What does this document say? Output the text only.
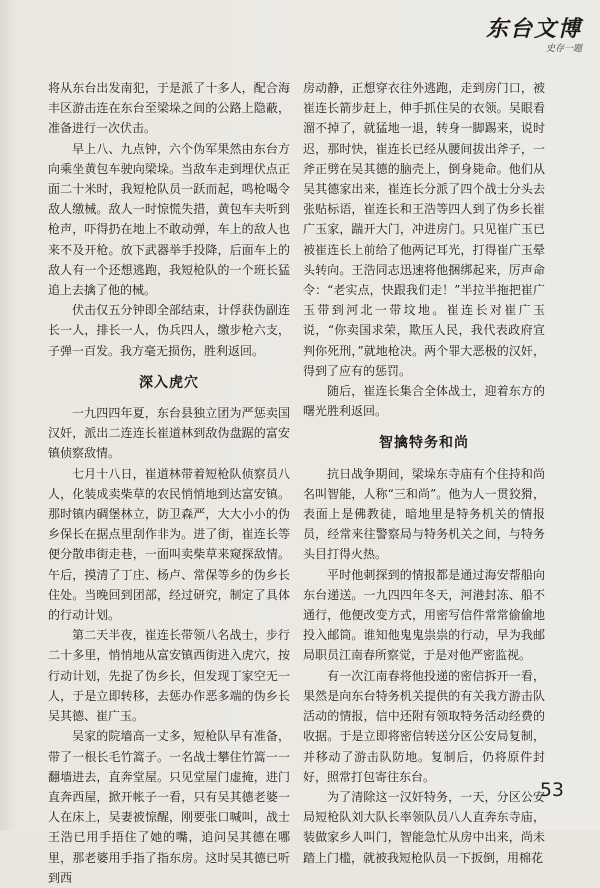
东台文博
史存一题

将从东台出发南犯，于是派了十多人，配合海丰区游击连在东台至梁垛之间的公路上隐蔽，准备进行一次伏击。

早上八、九点钟，六个伪军果然由东台方向乘坐黄包车驶向梁垛。当敌车走到埋伏点正面二十米时，我短枪队员一跃而起，鸣枪喝令敌人缴械。敌人一时惊慌失措，黄包车夫听到枪声，吓得扔在地上不敢动弹，车上的敌人也来不及开枪。放下武器举手投降，后面车上的敌人有一个还想逃跑，我短枪队的一个班长猛追上去擒了他的械。

伏击仅五分钟即全部结束，计俘获伪副连长一人，排长一人，伪兵四人，缴步枪六支，子弹一百发。我方毫无损伤，胜利返回。

深入虎穴

一九四四年夏，东台县独立团为严惩卖国汉奸，派出二连连长崔道林到敌伪盘踞的富安镇侦察敌情。

七月十八日，崔道林带着短枪队侦察员八人，化装成卖柴草的农民悄悄地到达富安镇。那时镇内碉堡林立，防卫森严，大大小小的伪乡保长在据点里刮作非为。进了街，崔连长等便分散串街走巷，一面叫卖柴草来窥探敌情。午后，摸清了丁庄、杨卢、常保等乡的伪乡长住处。当晚回到团部，经过研究，制定了具体的行动计划。

第二天半夜，崔连长带领八名战士，步行二十多里，悄悄地从富安镇西街进入虎穴，按行动计划，先捉了伪乡长，但发现丁家空无一人，于是立即转移，去惩办作恶多端的伪乡长吴其德、崔广玉。

吴家的院墙高一丈多，短枪队早有准备，带了一根长毛竹篙子。一名战士攀住竹篙一一翻墙进去，直奔堂屋。只见堂屋门虚掩，进门直奔西屋，掀开帐子一看，只有吴其德老婆一人在床上，吴妻被惊醒，刚要张口喊叫，战士王浩已用手捂住了她的嘴，追问吴其德在哪里，那老婆用手指了指东房。这时吴其德已听到西

房动静，正想穿衣往外逃跑，走到房门口，被崔连长箭步赶上，伸手抓住吴的衣领。吴眼看溜不掉了，就猛地一退，转身一脚踢来，说时迟，那时快，崔连长已经从腰间拔出斧子，一斧正劈在吴其德的脑壳上，倒身毙命。他们从吴其德家出来，崔连长分派了四个战士分头去张贴标语，崔连长和王浩等四人到了伪乡长崔广玉家，踹开大门，冲进房门。只见崔广玉已被崔连长上前给了他两记耳光，打得崔广玉晕头转向。王浩同志迅速将他捆绑起来，厉声命令：“老实点，快跟我们走！”半拉半拖把崔广玉带到河北一带坟地。崔连长对崔广玉说，“你卖国求荣，欺压人民，我代表政府宣判你死刑，”就地枪决。两个罪大恶极的汉奸，得到了应有的惩罚。

随后，崔连长集合全体战士，迎着东方的曙光胜利返回。

智擒特务和尚

抗日战争期间，梁垛东寺庙有个住持和尚名叫智能，人称“三和尚”。他为人一贯狡猾，表面上是佛教徒，暗地里是特务机关的情报员，经常来往警察局与特务机关之间，与特务头目打得火热。

平时他刺探到的情报都是通过海安帮船向东台递送。一九四四年冬天，河港封冻、船不通行，他便改变方式，用密写信件常常偷偷地投入邮筒。谁知他鬼鬼祟祟的行动，早为我邮局职员江南春所察觉，于是对他严密监视。

有一次江南春将他投递的密信拆开一看，果然是向东台特务机关提供的有关我方游击队活动的情报，信中还附有领取特务活动经费的收据。于是立即将密信转送分区公安局复制，并移动了游击队防地。复制后，仍将原件封好，照常打包寄往东台。

为了清除这一汉奸特务，一天，分区公安局短枪队刘大队长率领队员八人直奔东寺庙，装做家乡人叫门，智能急忙从房中出来，尚未踏上门槛，就被我短枪队员一下扳倒，用棉花

53
